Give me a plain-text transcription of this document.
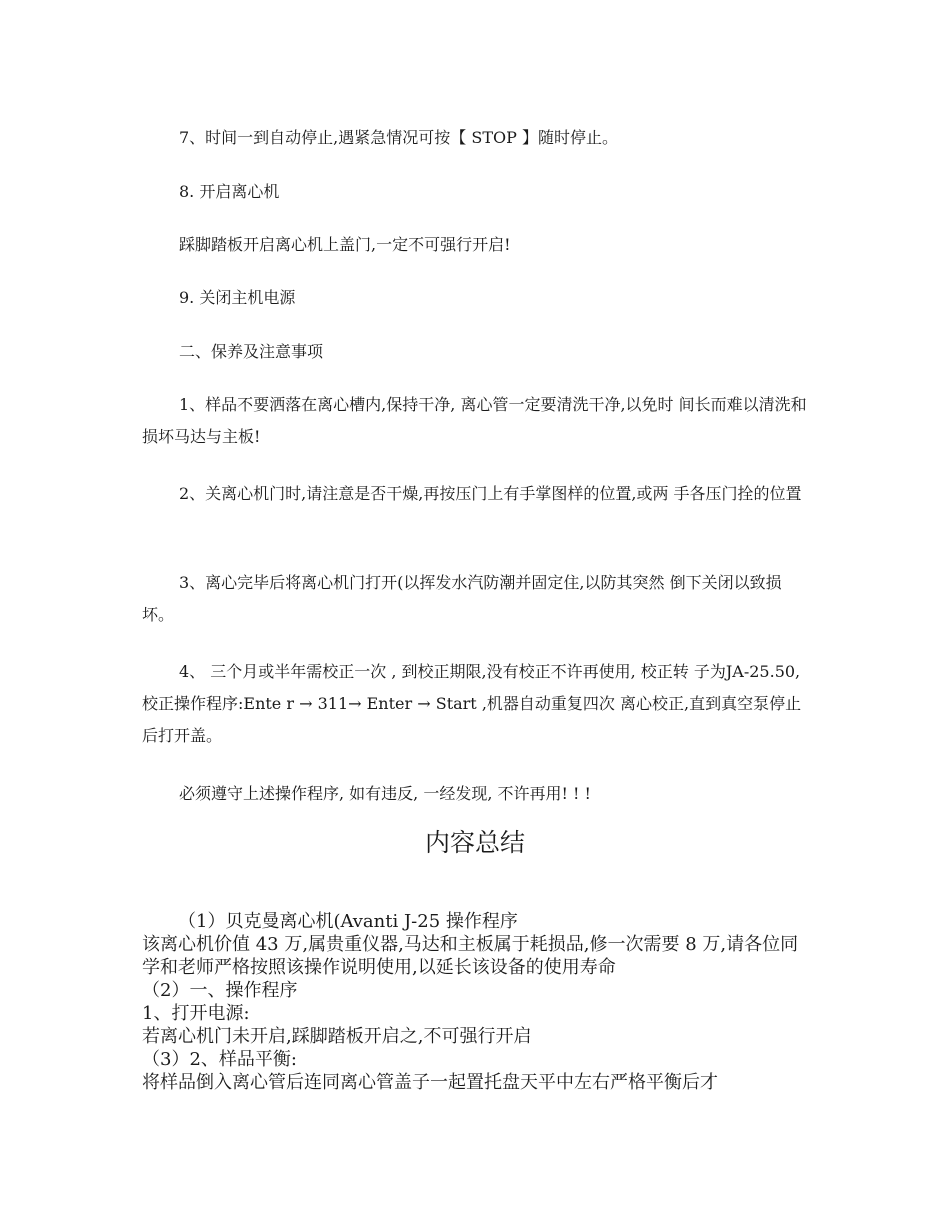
7、时间一到自动停止,遇紧急情况可按【 STOP 】随时停止。

8. 开启离心机

踩脚踏板开启离心机上盖门,一定不可强行开启!

9. 关闭主机电源

二、保养及注意事项

1、样品不要洒落在离心槽内,保持干净, 离心管一定要清洗干净,以免时 间长而难以清洗和损坏马达与主板!

2、关离心机门时,请注意是否干燥,再按压门上有手掌图样的位置,或两 手各压门拴的位置

3、离心完毕后将离心机门打开(以挥发水汽防潮并固定住,以防其突然 倒下关闭以致损坏。

4、 三个月或半年需校正一次 , 到校正期限,没有校正不许再使用, 校正转 子为JA-25.50,校正操作程序:Ente r → 311→ Enter → Start ,机器自动重复四次 离心校正,直到真空泵停止后打开盖。

必须遵守上述操作程序, 如有违反, 一经发现, 不许再用! ! !

内容总结

（1）贝克曼离心机(Avanti J-25 操作程序

该离心机价值 43 万,属贵重仪器,马达和主板属于耗损品,修一次需要 8 万,请各位同学和老师严格按照该操作说明使用,以延长该设备的使用寿命

（2）一、操作程序

1、打开电源:

若离心机门未开启,踩脚踏板开启之,不可强行开启

（3）2、样品平衡:

将样品倒入离心管后连同离心管盖子一起置托盘天平中左右严格平衡后才
